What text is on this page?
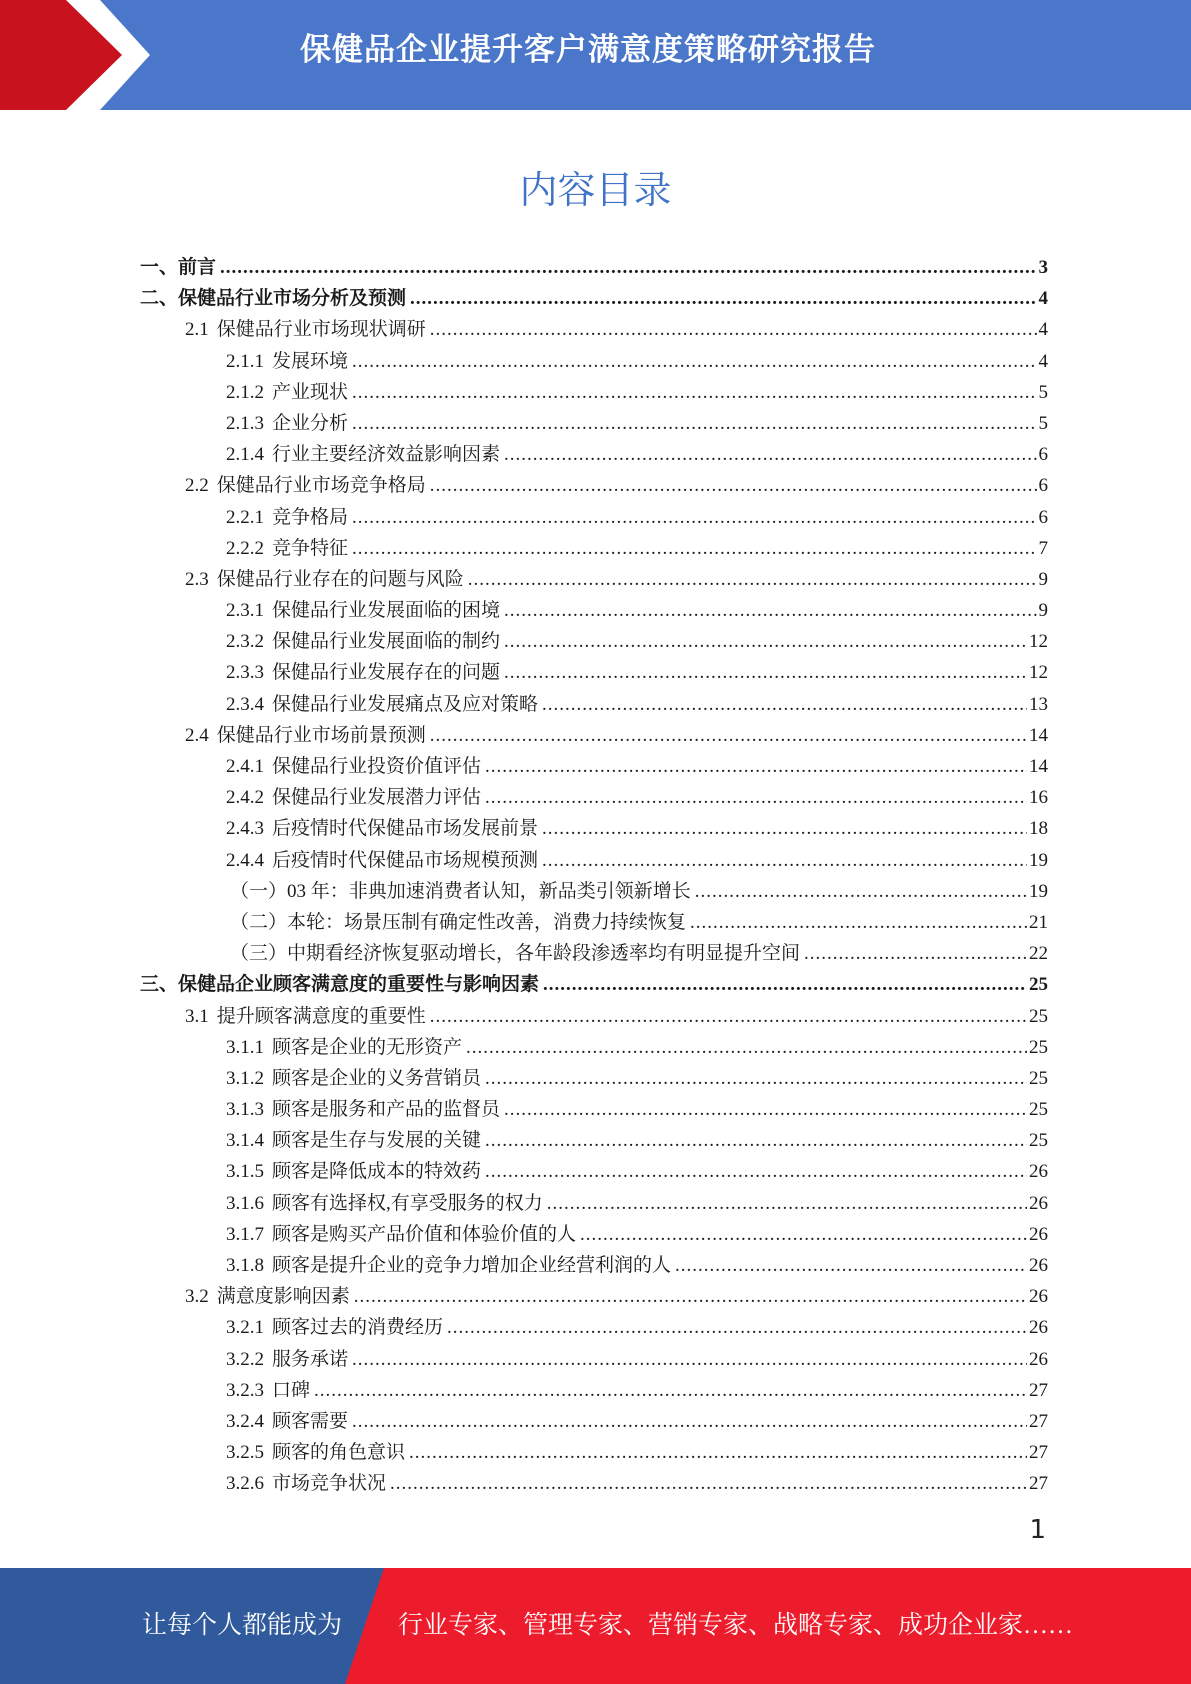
保健品企业提升客户满意度策略研究报告
内容目录
一、前言 .....	3
二、保健品行业市场分析及预测 .....	4
2.1 保健品行业市场现状调研 .....	4
2.1.1 发展环境 .....	4
2.1.2 产业现状 .....	5
2.1.3 企业分析 .....	5
2.1.4 行业主要经济效益影响因素 .....	6
2.2 保健品行业市场竞争格局 .....	6
2.2.1 竞争格局 .....	6
2.2.2 竞争特征 .....	7
2.3 保健品行业存在的问题与风险 .....	9
2.3.1 保健品行业发展面临的困境 .....	9
2.3.2 保健品行业发展面临的制约 .....	12
2.3.3 保健品行业发展存在的问题 .....	12
2.3.4 保健品行业发展痛点及应对策略 .....	13
2.4 保健品行业市场前景预测 .....	14
2.4.1 保健品行业投资价值评估 .....	14
2.4.2 保健品行业发展潜力评估 .....	16
2.4.3 后疫情时代保健品市场发展前景 .....	18
2.4.4 后疫情时代保健品市场规模预测 .....	19
（一）03 年：非典加速消费者认知，新品类引领新增长 .....	19
（二）本轮：场景压制有确定性改善，消费力持续恢复 .....	21
（三）中期看经济恢复驱动增长，各年龄段渗透率均有明显提升空间 .....	22
三、保健品企业顾客满意度的重要性与影响因素 .....	25
3.1 提升顾客满意度的重要性 .....	25
3.1.1 顾客是企业的无形资产 .....	25
3.1.2 顾客是企业的义务营销员 .....	25
3.1.3 顾客是服务和产品的监督员 .....	25
3.1.4 顾客是生存与发展的关键 .....	25
3.1.5 顾客是降低成本的特效药 .....	26
3.1.6 顾客有选择权,有享受服务的权力 .....	26
3.1.7 顾客是购买产品价值和体验价值的人 .....	26
3.1.8 顾客是提升企业的竞争力增加企业经营利润的人 .....	26
3.2 满意度影响因素 .....	26
3.2.1 顾客过去的消费经历 .....	26
3.2.2 服务承诺 .....	26
3.2.3 口碑 .....	27
3.2.4 顾客需要 .....	27
3.2.5 顾客的角色意识 .....	27
3.2.6 市场竞争状况 .....	27
1
让每个人都能成为 行业专家、管理专家、营销专家、战略专家、成功企业家……
